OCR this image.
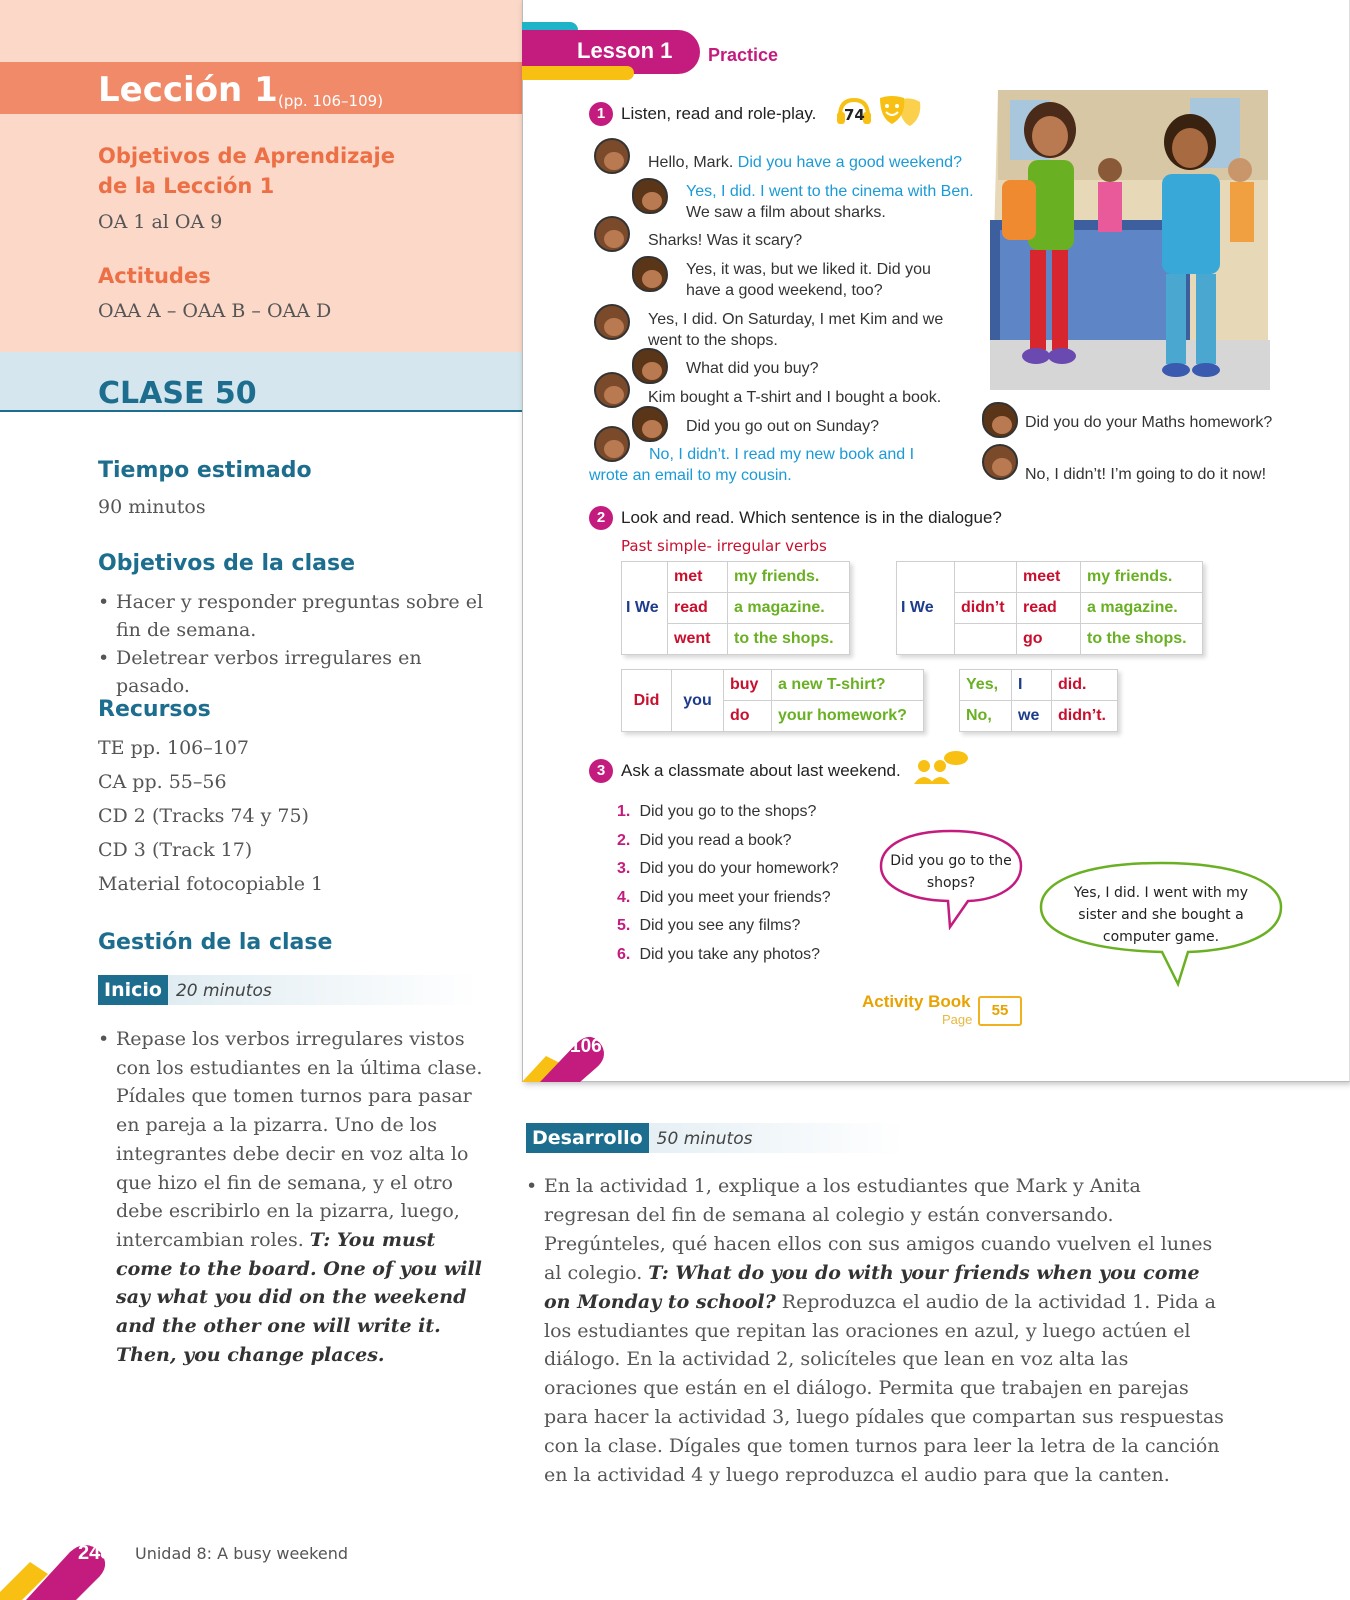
Lección 1 (pp. 106–109)
Objetivos de Aprendizaje
de la Lección 1
OA 1 al OA 9
Actitudes
OAA A – OAA B – OAA D
CLASE 50
Tiempo estimado
90 minutos
Objetivos de la clase
• Hacer y responder preguntas sobre el fin de semana.
• Deletrear verbos irregulares en pasado.
Recursos
TE pp. 106–107
CA pp. 55–56
CD 2 (Tracks 74 y 75)
CD 3 (Track 17)
Material fotocopiable 1
Gestión de la clase
Inicio 20 minutos
• Repase los verbos irregulares vistos con los estudiantes en la última clase. Pídales que tomen turnos para pasar en pareja a la pizarra. Uno de los integrantes debe decir en voz alta lo que hizo el fin de semana, y el otro debe escribirlo en la pizarra, luego, intercambian roles. T: You must come to the board. One of you will say what you did on the weekend and the other one will write it. Then, you change places.
Lesson 1 Practice
1 Listen, read and role-play. 74
Hello, Mark. Did you have a good weekend?
Yes, I did. I went to the cinema with Ben. We saw a film about sharks.
Sharks! Was it scary?
Yes, it was, but we liked it. Did you have a good weekend, too?
Yes, I did. On Saturday, I met Kim and we went to the shops.
What did you buy?
Kim bought a T-shirt and I bought a book.
Did you go out on Sunday?
No, I didn’t. I read my new book and I wrote an email to my cousin.
Did you do your Maths homework?
No, I didn’t! I’m going to do it now!
2 Look and read. Which sentence is in the dialogue?
Past simple- irregular verbs
I We	met	my friends.
	read	a magazine.
	went	to the shops.
I We		meet	my friends.
	didn’t	read	a magazine.
		go	to the shops.
Did	you	buy	a new T-shirt?
		do	your homework?
Yes,	I	did.
No,	we	didn’t.
3 Ask a classmate about last weekend.
1. Did you go to the shops?
2. Did you read a book?
3. Did you do your homework?
4. Did you meet your friends?
5. Did you see any films?
6. Did you take any photos?
Did you go to the
shops?
Yes, I did. I went with my
sister and she bought a
computer game.
Activity Book
Page
55
106
Desarrollo 50 minutos
• En la actividad 1, explique a los estudiantes que Mark y Anita regresan del fin de semana al colegio y están conversando. Pregúnteles, qué hacen ellos con sus amigos cuando vuelven el lunes al colegio. T: What do you do with your friends when you come on Monday to school? Reproduzca el audio de la actividad 1. Pida a los estudiantes que repitan las oraciones en azul, y luego actúen el diálogo. En la actividad 2, solicíteles que lean en voz alta las oraciones que están en el diálogo. Permita que trabajen en parejas para hacer la actividad 3, luego pídales que compartan sus respuestas con la clase. Dígales que tomen turnos para leer la letra de la canción en la actividad 4 y luego reproduzca el audio para que la canten.
248 Unidad 8: A busy weekend
